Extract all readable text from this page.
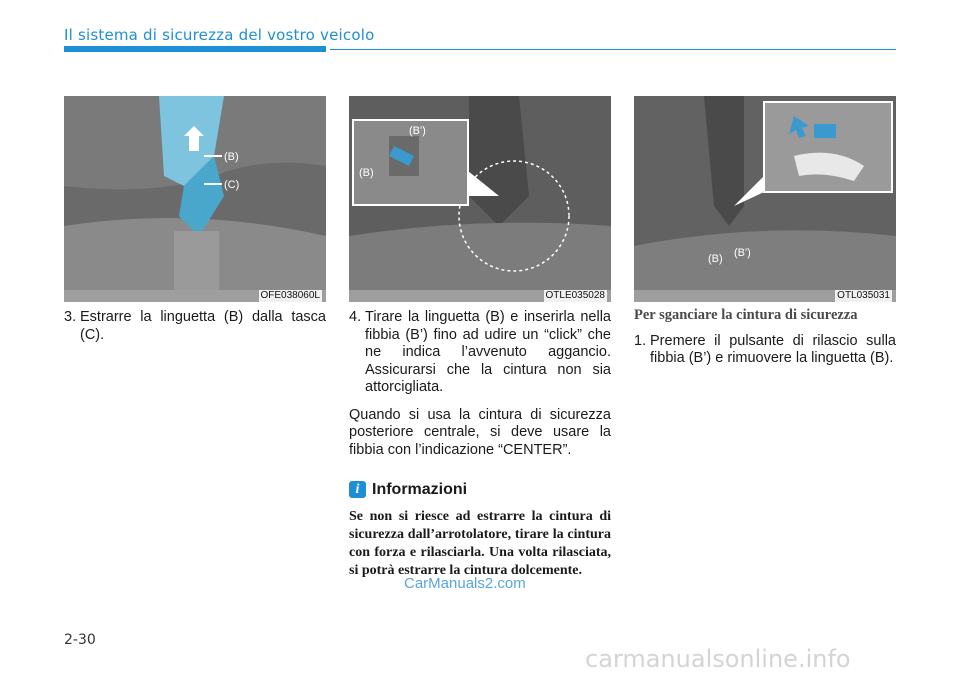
Il sistema di sicurezza del vostro veicolo
(B)
(C)
OFE038060L
(B')
(B)
OTLE035028
(B) (B')
OTL035031
3. Estrarre la linguetta (B) dalla tasca (C).
4. Tirare la linguetta (B) e inserirla nella fibbia (B’) fino ad udire un “click” che ne indica l’avvenuto aggancio. Assicurarsi che la cintura non sia attorcigliata.
Quando si usa la cintura di sicurezza posteriore centrale, si deve usare la fibbia con l’indicazione “CENTER”.
i Informazioni
Se non si riesce ad estrarre la cintura di sicurezza dall’arrotolatore, tirare la cintura con forza e rilasciarla. Una volta rilasciata, si potrà estrarre la cintura dolcemente.
Per sganciare la cintura di sicurezza
1. Premere il pulsante di rilascio sulla fibbia (B’) e rimuovere la linguetta (B).
CarManuals2.com
2-30
carmanualsonline.info
